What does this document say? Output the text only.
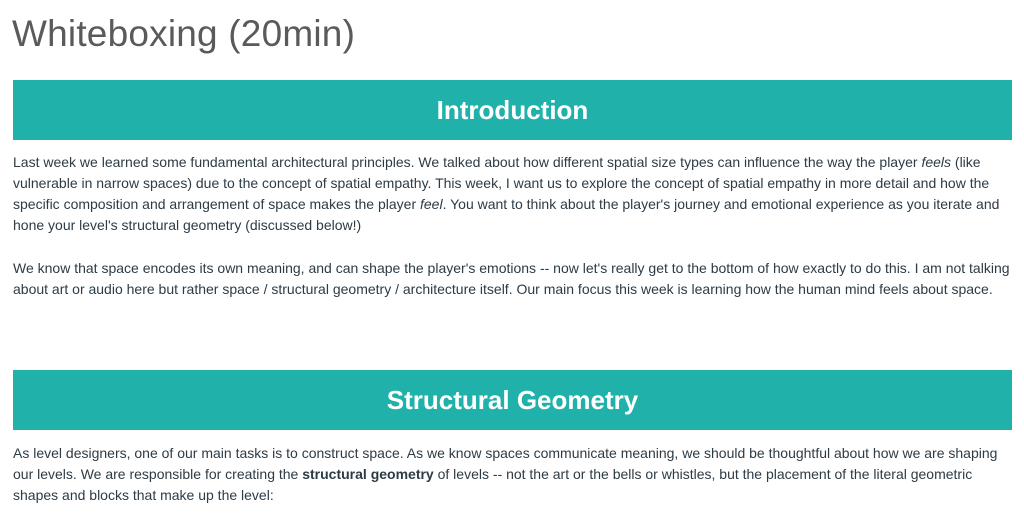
Whiteboxing (20min)
Introduction

Last week we learned some fundamental architectural principles. We talked about how different spatial size types can influence the way the player feels (like vulnerable in narrow spaces) due to the concept of spatial empathy. This week, I want us to explore the concept of spatial empathy in more detail and how the specific composition and arrangement of space makes the player feel. You want to think about the player's journey and emotional experience as you iterate and hone your level's structural geometry (discussed below!)

We know that space encodes its own meaning, and can shape the player's emotions -- now let's really get to the bottom of how exactly to do this. I am not talking about art or audio here but rather space / structural geometry / architecture itself. Our main focus this week is learning how the human mind feels about space.

Structural Geometry

As level designers, one of our main tasks is to construct space. As we know spaces communicate meaning, we should be thoughtful about how we are shaping our levels. We are responsible for creating the structural geometry of levels -- not the art or the bells or whistles, but the placement of the literal geometric shapes and blocks that make up the level:
